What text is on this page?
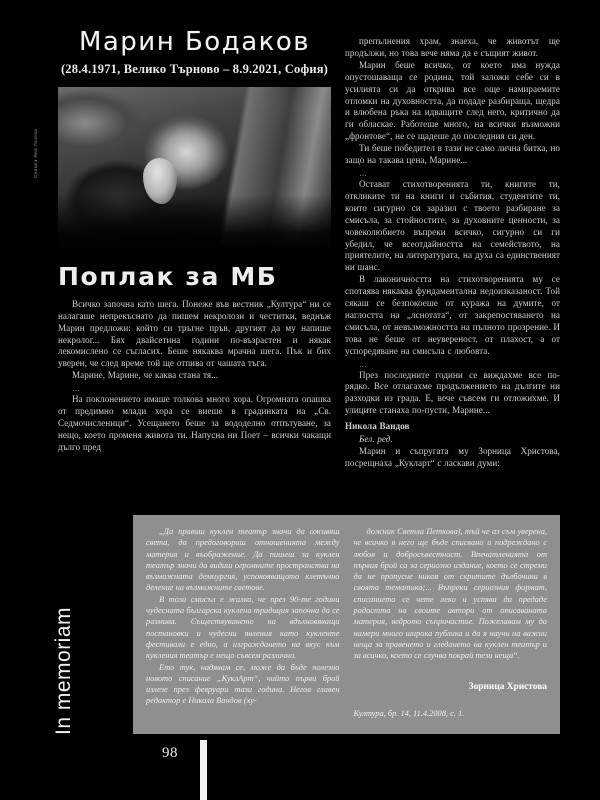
Марин Бодаков
(28.4.1971, Велико Търново – 8.9.2021, София)
Поплак за МБ

Всичко започна като шега. Понеже във вестник „Култура“ ни се налагаше непрекъснато да пишем некролози и честитки, веднъж Марин предложи: който си тръгне пръв, другият да му напише некролог... Бях двайсетина години по-възрастен и някак лекомислено се съгласих. Беше някаква мрачна шега. Пък и бих уверен, че след време той ще отпива от чашата тъга.

Марине, Марине, че каква стана тя...

…

На поклонението имаше толкова много хора. Огромната опашка от предимно млади хора се виеше в градинката на „Св. Седмочисленици“. Усещането беше за вододелно отпътуване, за нещо, което променя живота ти. Напусна ни Поет – всички чакащи дълго пред

Снимка Яна Лозева

препълнения храм, знаеха, че животът ще продължи, но това вече няма да е същият живот.

Марин беше всичко, от което има нужда опустошаваща се родина, той заложи себе си в усилията си да открива все още намираемите отломки на духовността, да подаде разбираща, щедра и влюбена ръка на идващите след него, критично да ги обласкае. Работеше много, на всички възможни „фронтове“, не се щадеше до последния си ден.

Ти беше победител в тази не само лична битка, но защо на такава цена, Марине...

…

Остават стихотворенията ти, книгите ти, откликите ти на книги и събития, студентите ти, които сигурно си заразил с твоето разбиране за смисъла, за стойностите, за духовните ценности, за човеколюбието въпреки всичко, сигурно си ги убедил, че всеотдайността на семейството, на приятелите, на литературата, на духа са единственият ни шанс.

В лаконичността на стихотворенията му се спотаява някаква фундаментална недоизказаност. Той сякаш се безпокоеше от куража на думите, от наглостта на „лснотата“, от закрепостяването на смисъла, от невъзможността на пълното прозрение. И това не беше от неувереност, от плахост, а от успоредяване на смисъла с любовта.

…

През последните години се виждахме все по-рядко. Все отлагахме продължението на дългите ни разходки из града. Е, вече съвсем ги отложихме. И улиците станаха по-пусти, Марине...

Никола Вандов

Бел. ред.

Марин и съпругата му Зорница Христова, посрещнаха „Кукларт“ с ласкави думи:

„Да правиш куклен театър значи да оживяш света, да предоговориш отношенията между материя и въображение. Да пишеш за куклен театър значи да видиш огромните пространства на възможната демиургия, успокояващото клетъчно деление на възможните светове.

В този смисъл е жалко, че през 90-те години чудесната българска куклена традиция започна да се размива. Съществуването на вдъхновяващи постановки и чудесни явления като кукленте фестивали е едно, а изграждането на вкус към кукления театър е нещо съвсем различно.

Ето тук, надявам се, може да бъде полезно новото списание „КуклАрт“, чийто първи брой излезе през февруари тази година. Негов главен редактор е Никола Вандов (ху-

дожник Светла Петкова), тъй че аз съм уверена, че всичко в него ще бъде списвано и подреждано с любов и добросъвестност. Впечатленията от първия брой са за сериозно издание, което се стреми да не пропусне никоя от скритите дълбочини в своята тематика;... Въпреки сериозния формат, списанието се чете леко и успява да предаде радостта на своите автори от описаваната материя, ведрото съпричастие. Пожелавам му да намери много широка публика и да я научи на важни неща за правенето и гледането на куклен театър и за всичко, което се случва покрай тези неща“.

Зорница Христова

Култура, бр. 14, 11.4.2008, с. 1.

In memoriam
98
